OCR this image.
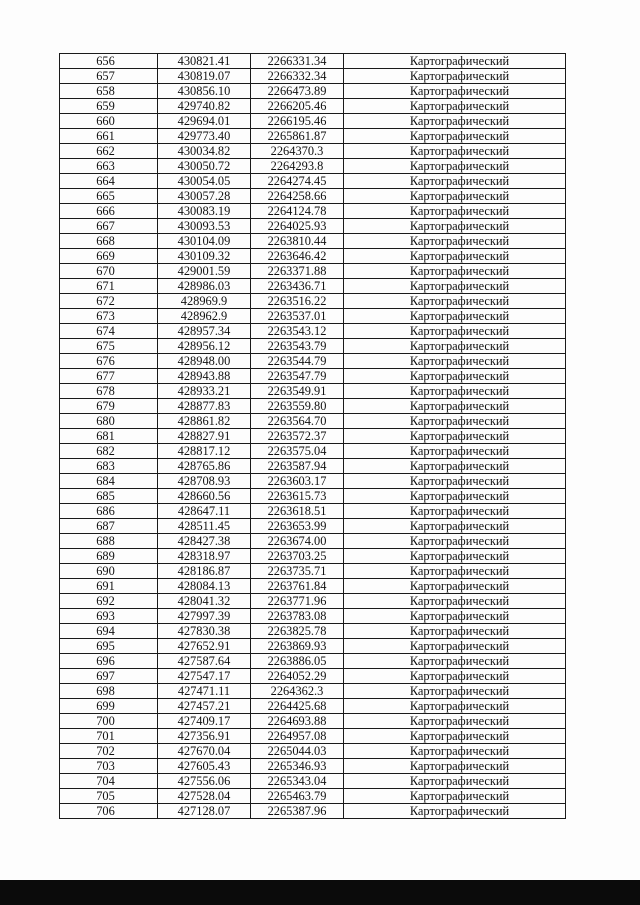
656	430821.41	2266331.34	Картографический
657	430819.07	2266332.34	Картографический
658	430856.10	2266473.89	Картографический
659	429740.82	2266205.46	Картографический
660	429694.01	2266195.46	Картографический
661	429773.40	2265861.87	Картографический
662	430034.82	2264370.3	Картографический
663	430050.72	2264293.8	Картографический
664	430054.05	2264274.45	Картографический
665	430057.28	2264258.66	Картографический
666	430083.19	2264124.78	Картографический
667	430093.53	2264025.93	Картографический
668	430104.09	2263810.44	Картографический
669	430109.32	2263646.42	Картографический
670	429001.59	2263371.88	Картографический
671	428986.03	2263436.71	Картографический
672	428969.9	2263516.22	Картографический
673	428962.9	2263537.01	Картографический
674	428957.34	2263543.12	Картографический
675	428956.12	2263543.79	Картографический
676	428948.00	2263544.79	Картографический
677	428943.88	2263547.79	Картографический
678	428933.21	2263549.91	Картографический
679	428877.83	2263559.80	Картографический
680	428861.82	2263564.70	Картографический
681	428827.91	2263572.37	Картографический
682	428817.12	2263575.04	Картографический
683	428765.86	2263587.94	Картографический
684	428708.93	2263603.17	Картографический
685	428660.56	2263615.73	Картографический
686	428647.11	2263618.51	Картографический
687	428511.45	2263653.99	Картографический
688	428427.38	2263674.00	Картографический
689	428318.97	2263703.25	Картографический
690	428186.87	2263735.71	Картографический
691	428084.13	2263761.84	Картографический
692	428041.32	2263771.96	Картографический
693	427997.39	2263783.08	Картографический
694	427830.38	2263825.78	Картографический
695	427652.91	2263869.93	Картографический
696	427587.64	2263886.05	Картографический
697	427547.17	2264052.29	Картографический
698	427471.11	2264362.3	Картографический
699	427457.21	2264425.68	Картографический
700	427409.17	2264693.88	Картографический
701	427356.91	2264957.08	Картографический
702	427670.04	2265044.03	Картографический
703	427605.43	2265346.93	Картографический
704	427556.06	2265343.04	Картографический
705	427528.04	2265463.79	Картографический
706	427128.07	2265387.96	Картографический
